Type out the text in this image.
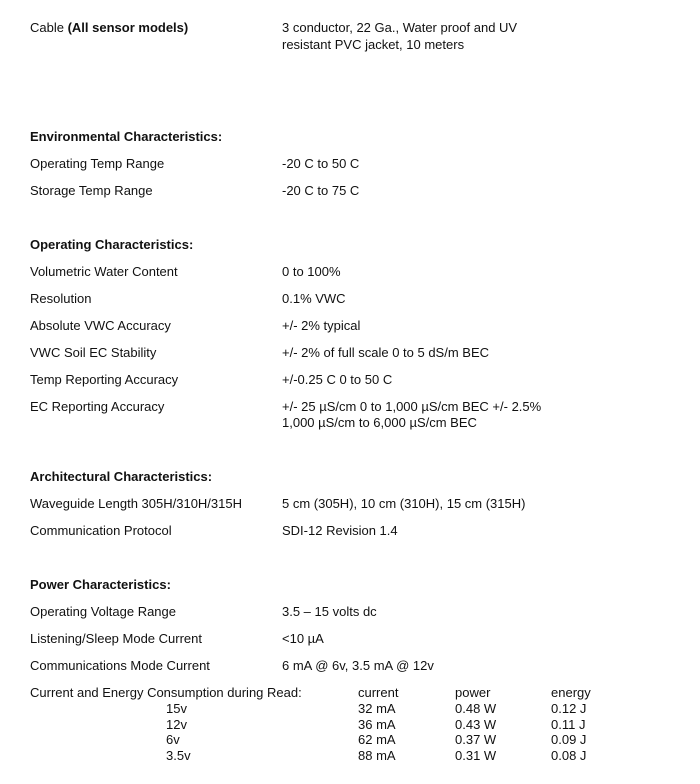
Cable (All sensor models)	3 conductor, 22 Ga., Water proof and UV
resistant PVC jacket, 10 meters
Environmental Characteristics:
Operating Temp Range	-20 C to 50 C
Storage Temp Range	-20 C to 75 C
Operating Characteristics:
Volumetric Water Content	0 to 100%
Resolution	0.1% VWC
Absolute VWC Accuracy	+/- 2% typical
VWC Soil EC Stability	+/- 2% of full scale 0 to 5 dS/m BEC
Temp Reporting Accuracy	+/-0.25 C 0 to 50 C
EC Reporting Accuracy	+/- 25 µS/cm 0 to 1,000 µS/cm BEC +/- 2.5%
1,000 µS/cm to 6,000 µS/cm BEC
Architectural Characteristics:
Waveguide Length 305H/310H/315H	5 cm (305H), 10 cm (310H), 15 cm (315H)
Communication Protocol	SDI-12 Revision 1.4
Power Characteristics:
Operating Voltage Range	3.5 – 15 volts dc
Listening/Sleep Mode Current	<10 µA
Communications Mode Current	6 mA @ 6v, 3.5 mA @ 12v
Current and Energy Consumption during Read:	current	power	energy
15v	32 mA	0.48 W	0.12 J
12v	36 mA	0.43 W	0.11 J
6v	62 mA	0.37 W	0.09 J
3.5v	88 mA	0.31 W	0.08 J
